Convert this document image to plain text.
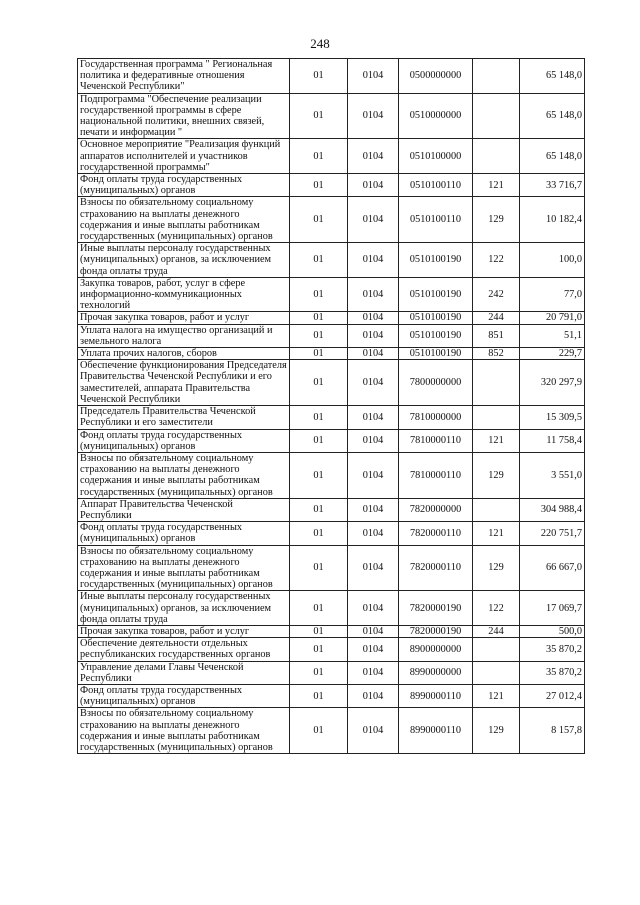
248
Государственная программа " Региональная политика и федеративные отношения Чеченской Республики"	01	0104	0500000000		65 148,0
Подпрограмма "Обеспечение реализации государственной программы в сфере национальной политики, внешних связей, печати и информации "	01	0104	0510000000		65 148,0
Основное мероприятие "Реализация функций аппаратов исполнителей и участников государственной программы"	01	0104	0510100000		65 148,0
Фонд оплаты труда государственных (муниципальных) органов	01	0104	0510100110	121	33 716,7
Взносы по обязательному социальному страхованию на выплаты денежного содержания и иные выплаты работникам государственных (муниципальных) органов	01	0104	0510100110	129	10 182,4
Иные выплаты персоналу государственных (муниципальных) органов, за исключением фонда оплаты труда	01	0104	0510100190	122	100,0
Закупка товаров, работ, услуг в сфере информационно-коммуникационных технологий	01	0104	0510100190	242	77,0
Прочая закупка товаров, работ и услуг	01	0104	0510100190	244	20 791,0
Уплата налога на имущество организаций и земельного налога	01	0104	0510100190	851	51,1
Уплата прочих налогов, сборов	01	0104	0510100190	852	229,7
Обеспечение функционирования Председателя Правительства Чеченской Республики и его заместителей, аппарата Правительства Чеченской Республики	01	0104	7800000000		320 297,9
Председатель Правительства Чеченской Республики и его заместители	01	0104	7810000000		15 309,5
Фонд оплаты труда государственных (муниципальных) органов	01	0104	7810000110	121	11 758,4
Взносы по обязательному социальному страхованию на выплаты денежного содержания и иные выплаты работникам государственных (муниципальных) органов	01	0104	7810000110	129	3 551,0
Аппарат Правительства Чеченской Республики	01	0104	7820000000		304 988,4
Фонд оплаты труда государственных (муниципальных) органов	01	0104	7820000110	121	220 751,7
Взносы по обязательному социальному страхованию на выплаты денежного содержания и иные выплаты работникам государственных (муниципальных) органов	01	0104	7820000110	129	66 667,0
Иные выплаты персоналу государственных (муниципальных) органов, за исключением фонда оплаты труда	01	0104	7820000190	122	17 069,7
Прочая закупка товаров, работ и услуг	01	0104	7820000190	244	500,0
Обеспечение деятельности отдельных республиканских государственных органов	01	0104	8900000000		35 870,2
Управление делами Главы Чеченской Республики	01	0104	8990000000		35 870,2
Фонд оплаты труда государственных (муниципальных) органов	01	0104	8990000110	121	27 012,4
Взносы по обязательному социальному страхованию на выплаты денежного содержания и иные выплаты работникам государственных (муниципальных) органов	01	0104	8990000110	129	8 157,8
